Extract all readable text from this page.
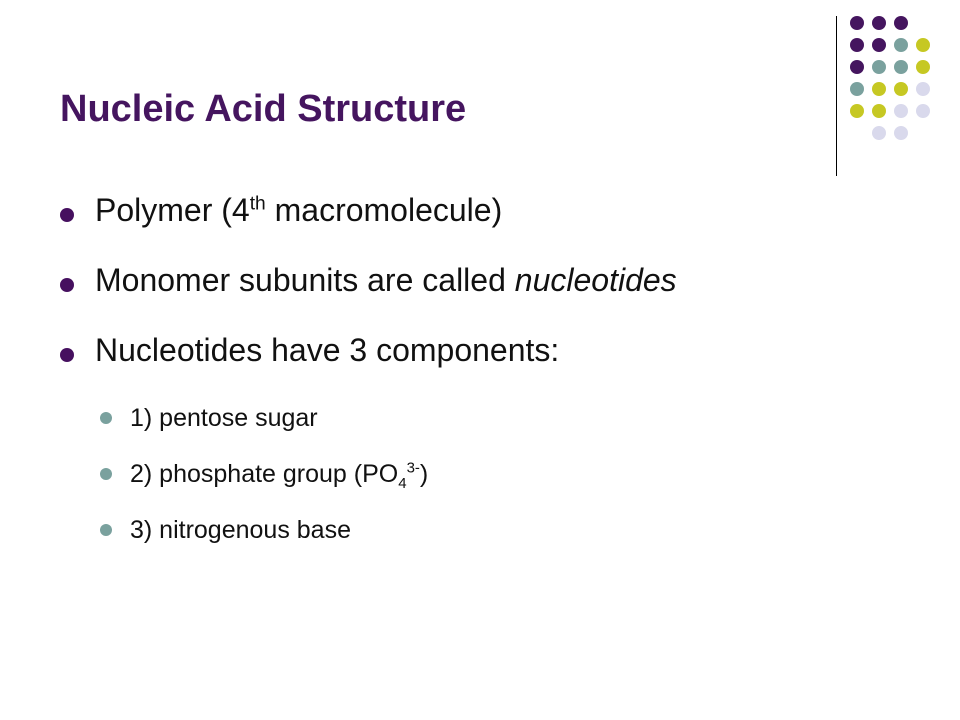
Nucleic Acid Structure
Polymer (4th macromolecule)
Monomer subunits are called nucleotides
Nucleotides have 3 components:
1) pentose sugar
2) phosphate group $(PO_4^{3-})$
3) nitrogenous base
